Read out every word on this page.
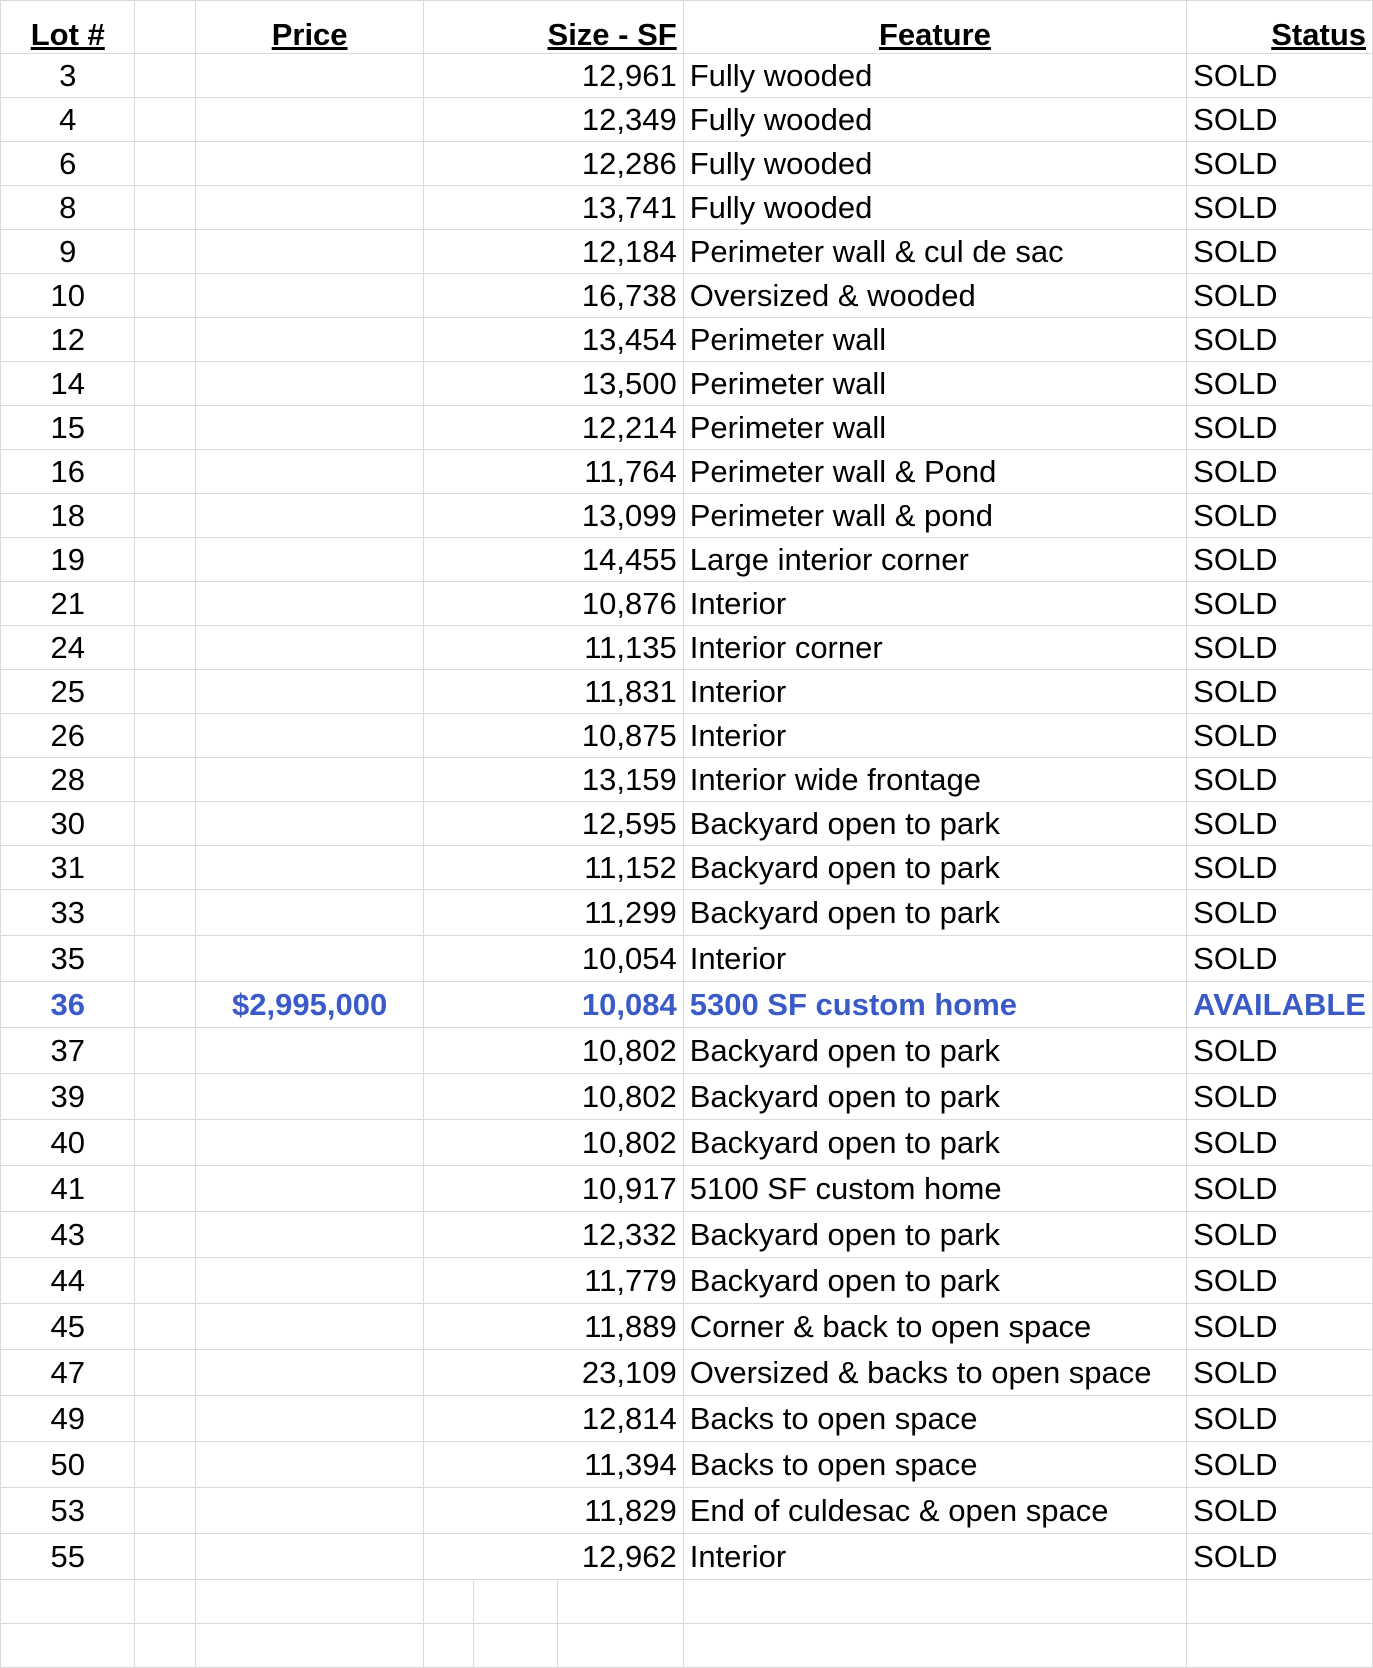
Lot #		Price	Size - SF			Feature	Status
3			12,961			Fully wooded	SOLD
4			12,349			Fully wooded	SOLD
6			12,286			Fully wooded	SOLD
8			13,741			Fully wooded	SOLD
9			12,184			Perimeter wall & cul de sac	SOLD
10			16,738			Oversized & wooded	SOLD
12			13,454			Perimeter wall	SOLD
14			13,500			Perimeter wall	SOLD
15			12,214			Perimeter wall	SOLD
16			11,764			Perimeter wall & Pond	SOLD
18			13,099			Perimeter wall & pond	SOLD
19			14,455			Large interior corner	SOLD
21			10,876			Interior	SOLD
24			11,135			Interior corner	SOLD
25			11,831			Interior	SOLD
26			10,875			Interior	SOLD
28			13,159			Interior wide frontage	SOLD
30			12,595			Backyard open to park	SOLD
31			11,152			Backyard open to park	SOLD
33			11,299			Backyard open to park	SOLD
35			10,054			Interior	SOLD
36		$2,995,000	10,084			5300 SF custom home	AVAILABLE
37			10,802			Backyard open to park	SOLD
39			10,802			Backyard open to park	SOLD
40			10,802			Backyard open to park	SOLD
41			10,917			5100 SF custom home	SOLD
43			12,332			Backyard open to park	SOLD
44			11,779			Backyard open to park	SOLD
45			11,889			Corner & back to open space	SOLD
47			23,109			Oversized & backs to open space	SOLD
49			12,814			Backs to open space	SOLD
50			11,394			Backs to open space	SOLD
53			11,829			End of culdesac & open space	SOLD
55			12,962			Interior	SOLD
